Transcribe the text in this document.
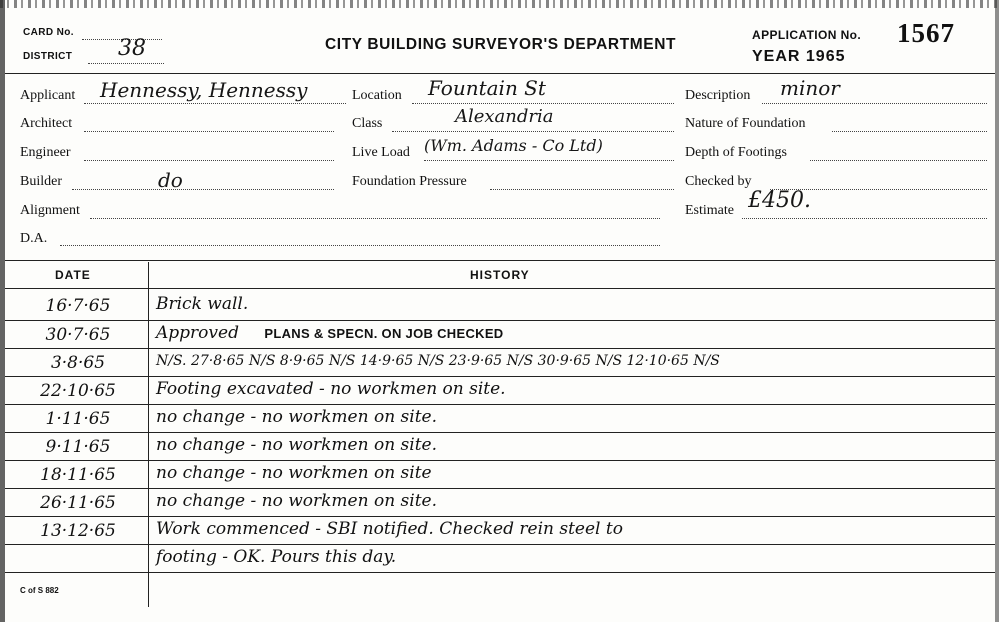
CARD No.
DISTRICT 38	CITY BUILDING SURVEYOR'S DEPARTMENT
APPLICATION No. 1567
YEAR 1965
Applicant Hennessy, Hennessy
Architect
Engineer
Builder	do
Alignment
D.A.
Location Fountain St
Class	Alexandria
Live Load (Wm. Adams - Co Ltd)
Foundation Pressure
Description minor
Nature of Foundation
Depth of Footings
Checked by
Estimate £450.
DATE	HISTORY
16·7·65	Brick wall.
30·7·65	Approved PLANS & SPECN. ON JOB CHECKED
3·8·65	N/S. 27·8·65 N/S 8·9·65 N/S 14·9·65 N/S 23·9·65 N/S 30·9·65 N/S 12·10·65 N/S
22·10·65	Footing excavated - no workmen on site.
1·11·65	no change - no workmen on site.
9·11·65	no change - no workmen on site.
18·11·65	no change - no workmen on site
26·11·65	no change - no workmen on site.
13·12·65	Work commenced - SBI notified. Checked rein steel to
footing - OK. Pours this day.
C of S 882
